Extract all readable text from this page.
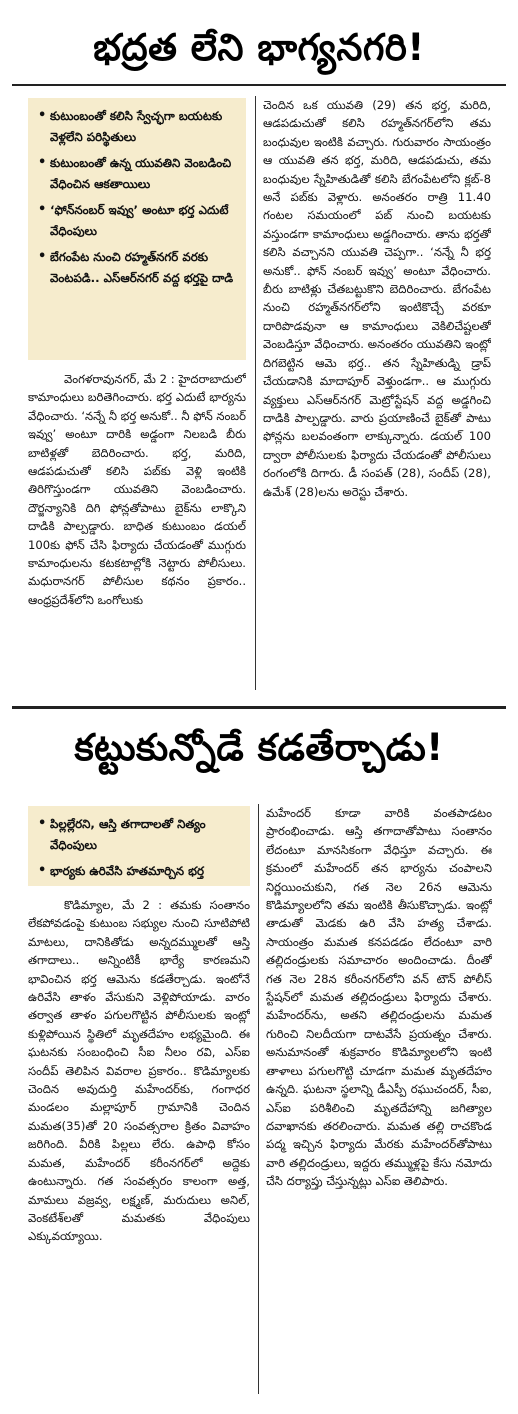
భద్రత లేని భాగ్యనగరి!
• కుటుంబంతో కలిసి స్వేచ్ఛగా బయటకు వెళ్లలేని పరిస్థితులు
• కుటుంబంతో ఉన్న యువతిని వెంబడించి వేధించిన ఆకతాయిలు
• ‘ఫోన్‌నంబర్ ఇవ్వు’ అంటూ భర్త ఎదుటే వేధింపులు
• బేగంపేట నుంచి రహ్మత్‌నగర్ వరకు వెంటపడి.. ఎస్‌ఆర్‌నగర్ వద్ద భర్తపై దాడి

వెంగళరావునగర్, మే 2 : హైదరాబాదులో కామాంధులు బరితెగించారు. భర్త ఎదుటే భార్యను వేధించారు. ‘నన్నే నీ భర్త అనుకో.. నీ ఫోన్ నంబర్ ఇవ్వు’ అంటూ దారికి అడ్డంగా నిలబడి బీరు బాటిళ్లతో బెదిరించారు. భర్త, మరిది, ఆడపడుచుతో కలిసి పబ్‌కు వెళ్లి ఇంటికి తిరిగొస్తుండగా యువతిని వెంబడించారు. దౌర్జన్యానికి దిగి ఫోన్లతోపాటు బైక్‌ను లాక్కొని దాడికి పాల్పడ్డారు. బాధిత కుటుంబం డయల్ 100కు ఫోన్ చేసి ఫిర్యాదు చేయడంతో ముగ్గురు కామాంధులను కటకటాల్లోకి నెట్టారు పోలీసులు. మధురానగర్ పోలీసుల కథనం ప్రకారం.. ఆంధ్రప్రదేశ్‌లోని ఒంగోలుకు

చెందిన ఒక యువతి (29) తన భర్త, మరిది, ఆడపడుచుతో కలిసి రహ్మత్‌నగర్‌లోని తమ బంధువుల ఇంటికి వచ్చారు. గురువారం సాయంత్రం ఆ యువతి తన భర్త, మరిది, ఆడపడుచు, తమ బంధువుల స్నేహితుడితో కలిసి బేగంపేటలోని క్లబ్-8 అనే పబ్‌కు వెళ్లారు. అనంతరం రాత్రి 11.40 గంటల సమయంలో పబ్ నుంచి బయటకు వస్తుండగా కామాంధులు అడ్డగించారు. తాను భర్తతో కలిసి వచ్చానని యువతి చెప్పగా.. ‘నన్నే నీ భర్త అనుకో.. ఫోన్ నంబర్ ఇవ్వు’ అంటూ వేధించారు. బీరు బాటిళ్లు చేతబట్టుకొని బెదిరించారు. బేగంపేట నుంచి రహ్మత్‌నగర్‌లోని ఇంటికొచ్చే వరకూ దారిపొడవునా ఆ కామాంధులు వెకిలిచేష్టలతో వెంబడిస్తూ వేధించారు. అనంతరం యువతిని ఇంట్లో దిగబెట్టిన ఆమె భర్త.. తన స్నేహితుడ్ని డ్రాప్ చేయడానికి మాదాపూర్ వెళ్తుండగా.. ఆ ముగ్గురు వ్యక్తులు ఎస్‌ఆర్‌నగర్ మెట్రోస్టేషన్ వద్ద అడ్డగించి దాడికి పాల్పడ్డారు. వారు ప్రయాణించే బైక్‌తో పాటు ఫోన్లను బలవంతంగా లాక్కున్నారు. డయల్ 100 ద్వారా పోలీసులకు ఫిర్యాదు చేయడంతో పోలీసులు రంగంలోకి దిగారు. డీ సంపత్ (28), సందీప్ (28), ఉమేశ్ (28)లను అరెస్టు చేశారు.

కట్టుకున్నోడే కడతేర్చాడు!
• పిల్లల్లేరని, ఆస్తి తగాదాలతో నిత్యం వేధింపులు
• భార్యకు ఉరివేసి హతమార్చిన భర్త

కొడిమ్యాల, మే 2 : తమకు సంతానం లేకపోవడంపై కుటుంబ సభ్యుల నుంచి సూటిపోటి మాటలు, దానికితోడు అన్నదమ్ములతో ఆస్తి తగాదాలు.. అన్నింటికీ భార్యే కారణమని భావించిన భర్త ఆమెను కడతేర్చాడు. ఇంటోనే ఉరివేసి తాళం వేసుకుని వెళ్లిపోయాడు. వారం తర్వాత తాళం పగులగొట్టిన పోలీసులకు ఇంట్లో కుళ్లిపోయిన స్థితిలో మృతదేహం లభ్యమైంది. ఈ ఘటనకు సంబంధించి సీఐ నీలం రవి, ఎస్ఐ సందీప్ తెలిపిన వివరాల ప్రకారం.. కొడిమ్యాలకు చెందిన అవుదుర్తి మహేందర్‌కు, గంగాధర మండలం మల్లాపూర్ గ్రామానికి చెందిన మమత(35)తో 20 సంవత్సరాల క్రితం వివాహం జరిగింది. వీరికి పిల్లలు లేరు. ఉపాధి కోసం మమత, మహేందర్ కరీంనగర్‌లో అద్దెకు ఉంటున్నారు. గత సంవత్సరం కాలంగా అత్త, మామలు వజ్రవ్వ, లక్ష్మణ్, మరుదులు అనిల్, వెంకటేశ్‌లతో మమతకు వేధింపులు ఎక్కువయ్యాయి.

మహేందర్ కూడా వారికి వంతపాడటం ప్రారంభించాడు. ఆస్తి తగాదాతోపాటు సంతానం లేదంటూ మానసికంగా వేధిస్తూ వచ్చారు. ఈ క్రమంలో మహేందర్ తన భార్యను చంపాలని నిర్ణయించుకుని, గత నెల 26న ఆమెను కొడిమ్యాలలోని తమ ఇంటికి తీసుకొచ్చాడు. ఇంట్లో తాడుతో మెడకు ఉరి వేసి హత్య చేశాడు. సాయంత్రం మమత కనపడడం లేదంటూ వారి తల్లిదండ్రులకు సమాచారం అందించాడు. దీంతో గత నెల 28న కరీంనగర్‌లోని వన్ టౌన్ పోలీస్ స్టేషన్‌లో మమత తల్లిదండ్రులు ఫిర్యాదు చేశారు. మహేందర్‌ను, అతని తల్లిదండ్రులను మమత గురించి నిలదీయగా దాటవేసే ప్రయత్నం చేశారు. అనుమానంతో శుక్రవారం కొడిమ్యాలలోని ఇంటి తాళాలు పగులగొట్టి చూడగా మమత మృతదేహం ఉన్నది. ఘటనా స్థలాన్ని డీఎస్పీ రఘుచందర్, సీఐ, ఎస్ఐ పరిశీలించి మృతదేహాన్ని జగిత్యాల దవాఖానకు తరలించారు. మమత తల్లి రాచకొండ పద్మ ఇచ్చిన ఫిర్యాదు మేరకు మహేందర్‌తోపాటు వారి తల్లిదండ్రులు, ఇద్దరు తమ్ముళ్లపై కేసు నమోదు చేసి దర్యాప్తు చేస్తున్నట్లు ఎస్ఐ తెలిపారు.
